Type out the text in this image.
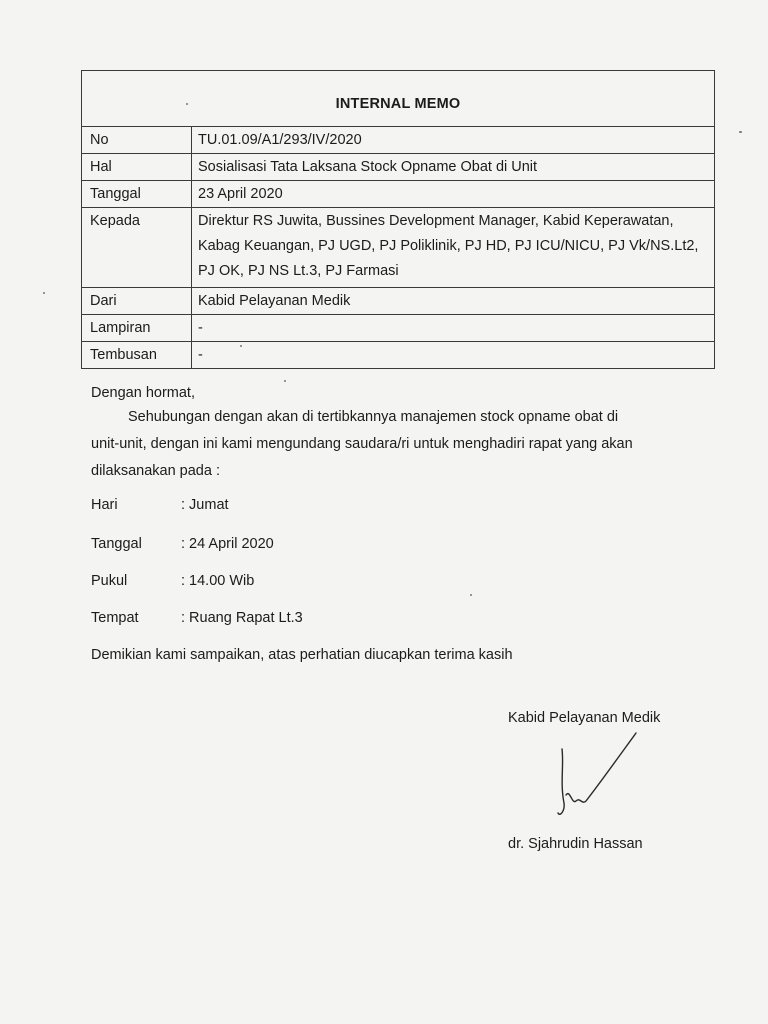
INTERNAL MEMO
No	TU.01.09/A1/293/IV/2020
Hal	Sosialisasi Tata Laksana Stock Opname Obat di Unit
Tanggal	23 April 2020
Kepada	Direktur RS Juwita, Bussines Development Manager, Kabid Keperawatan, Kabag Keuangan, PJ UGD, PJ Poliklinik, PJ HD, PJ ICU/NICU, PJ Vk/NS.Lt2, PJ OK, PJ NS Lt.3, PJ Farmasi
Dari	Kabid Pelayanan Medik
Lampiran	-
Tembusan	-
Dengan hormat,
Sehubungan dengan akan di tertibkannya manajemen stock opname obat di
unit-unit, dengan ini kami mengundang saudara/ri untuk menghadiri rapat yang akan
dilaksanakan pada :
Hari	: Jumat
Tanggal	: 24 April 2020
Pukul	: 14.00 Wib
Tempat	: Ruang Rapat Lt.3
Demikian kami sampaikan, atas perhatian diucapkan terima kasih
Kabid Pelayanan Medik
dr. Sjahrudin Hassan
